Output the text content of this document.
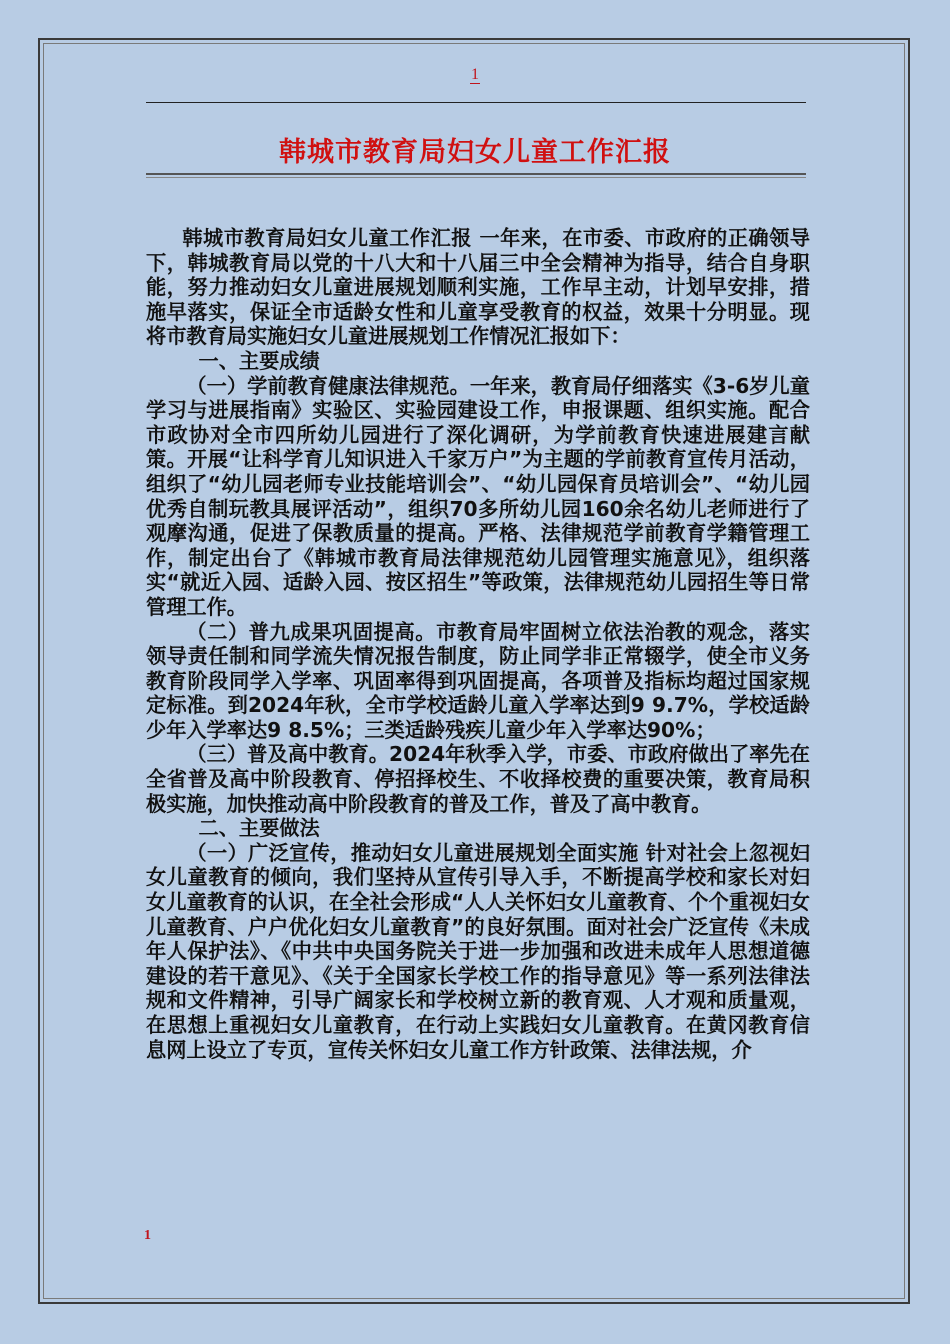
1
韩城市教育局妇女儿童工作汇报

韩城市教育局妇女儿童工作汇报 一年来，在市委、市政府的正确领导下，韩城教育局以党的十八大和十八届三中全会精神为指导，结合自身职能，努力推动妇女儿童进展规划顺利实施，工作早主动，计划早安排，措施早落实，保证全市适龄女性和儿童享受教育的权益，效果十分明显。现将市教育局实施妇女儿童进展规划工作情况汇报如下：

一、主要成绩

（一）学前教育健康法律规范。一年来，教育局仔细落实《3-6岁儿童学习与进展指南》实验区、实验园建设工作，申报课题、组织实施。配合市政协对全市四所幼儿园进行了深化调研，为学前教育快速进展建言献策。开展“让科学育儿知识进入千家万户”为主题的学前教育宣传月活动，组织了“幼儿园老师专业技能培训会”、“幼儿园保育员培训会”、“幼儿园优秀自制玩教具展评活动”，组织70多所幼儿园160余名幼儿老师进行了观摩沟通，促进了保教质量的提高。严格、法律规范学前教育学籍管理工作，制定出台了《韩城市教育局法律规范幼儿园管理实施意见》，组织落实“就近入园、适龄入园、按区招生”等政策，法律规范幼儿园招生等日常管理工作。

（二）普九成果巩固提高。市教育局牢固树立依法治教的观念，落实领导责任制和同学流失情况报告制度，防止同学非正常辍学，使全市义务教育阶段同学入学率、巩固率得到巩固提高，各项普及指标均超过国家规定标准。到2024年秋，全市学校适龄儿童入学率达到9 9.7%，学校适龄少年入学率达9 8.5%；三类适龄残疾儿童少年入学率达90%；

（三）普及高中教育。2024年秋季入学，市委、市政府做出了率先在全省普及高中阶段教育、停招择校生、不收择校费的重要决策，教育局积极实施，加快推动高中阶段教育的普及工作，普及了高中教育。

二、主要做法

（一）广泛宣传，推动妇女儿童进展规划全面实施 针对社会上忽视妇女儿童教育的倾向，我们坚持从宣传引导入手，不断提高学校和家长对妇女儿童教育的认识，在全社会形成“人人关怀妇女儿童教育、个个重视妇女儿童教育、户户优化妇女儿童教育”的良好氛围。面对社会广泛宣传《未成年人保护法》、《中共中央国务院关于进一步加强和改进未成年人思想道德建设的若干意见》、《关于全国家长学校工作的指导意见》等一系列法律法规和文件精神，引导广阔家长和学校树立新的教育观、人才观和质量观，在思想上重视妇女儿童教育，在行动上实践妇女儿童教育。在黄冈教育信息网上设立了专页，宣传关怀妇女儿童工作方针政策、法律法规，介

1
